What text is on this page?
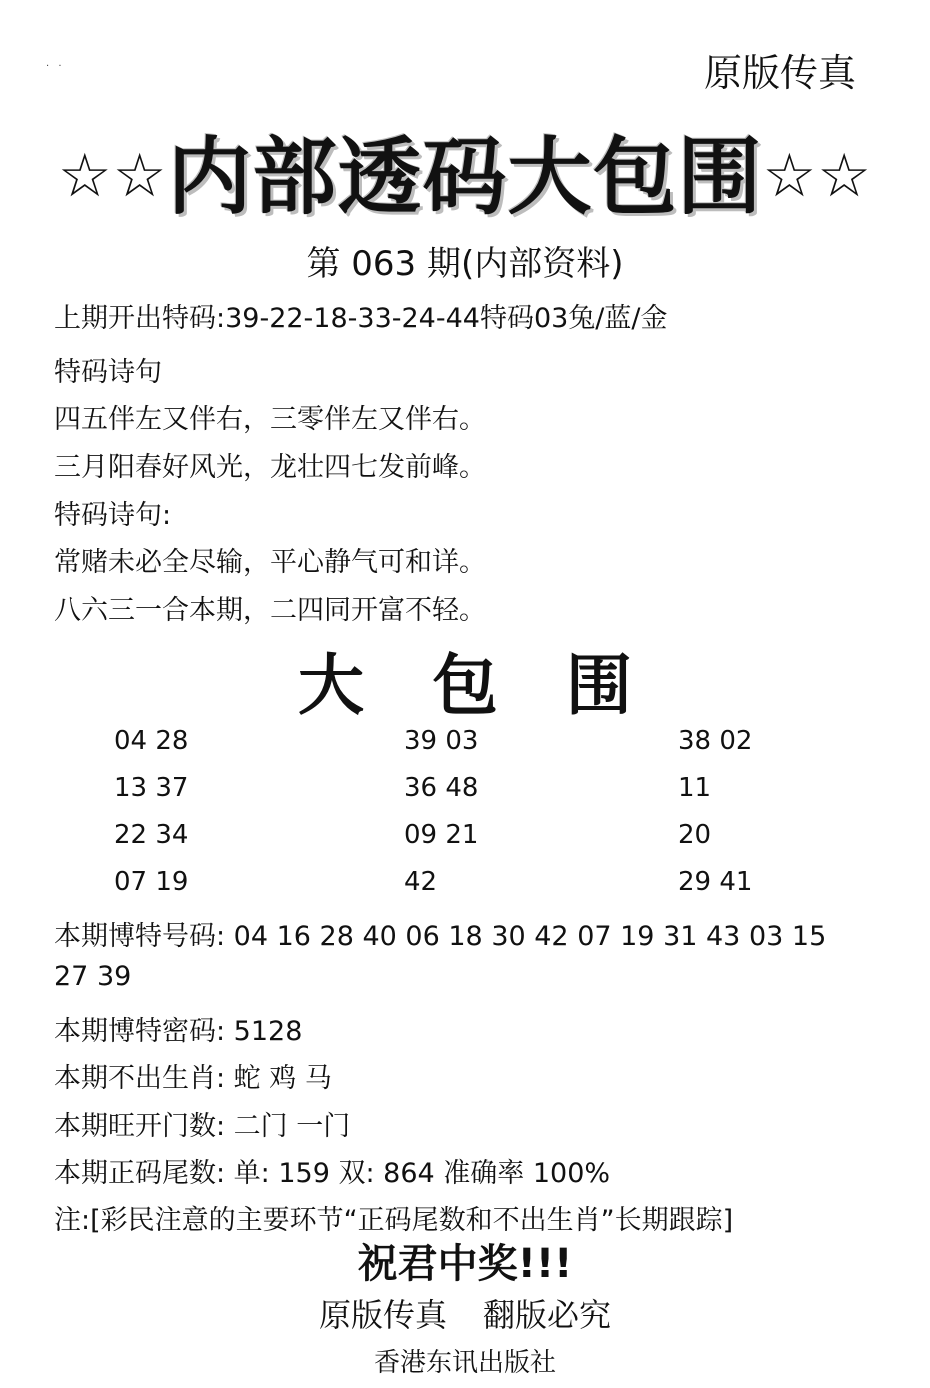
. .	原版传真
☆☆内部透码大包围☆☆
第 063 期(内部资料)
上期开出特码:39-22-18-33-24-44特码03兔/蓝/金
特码诗句
四五伴左又伴右，三零伴左又伴右。
三月阳春好风光，龙壮四七发前峰。
特码诗句:
常赌未必全尽输，平心静气可和详。
八六三一合本期，二四同开富不轻。
大 包 围
04 28
13 37
22 34
07 19
39 03
36 48
09 21
42
38 02
11
20
29 41
本期博特号码: 04 16 28 40 06 18 30 42 07 19 31 43 03 15
27 39
本期博特密码: 5128
本期不出生肖: 蛇 鸡 马
本期旺开门数: 二门 一门
本期正码尾数: 单: 159 双: 864 准确率 100%
注:[彩民注意的主要环节“正码尾数和不出生肖”长期跟踪]
祝君中奖!!!
原版传真 翻版必究
香港东讯出版社
